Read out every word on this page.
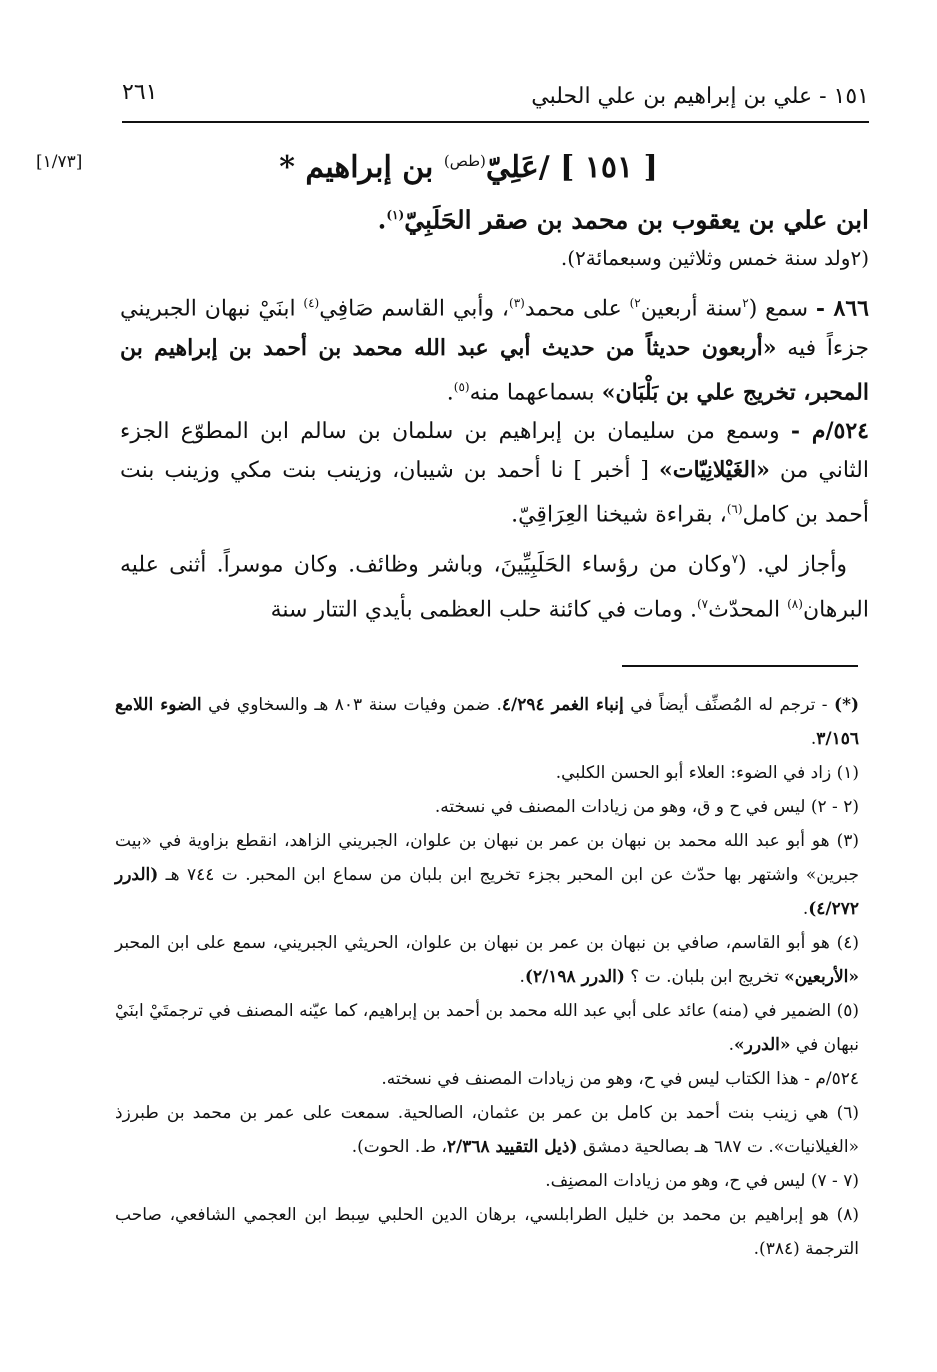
١٥١ - علي بن إبراهيم بن علي الحلبي
٢٦١
[١/٧٣]	[ ١٥١ ] /عَلِيّ$^{(طص)}$ بن إبراهيم *

ابن علي بن يعقوب بن محمد بن صقر الحَلَبِيّ$^{(١)}$.

(٢ولد سنة خمس وثلاثين وسبعمائة٢).

٨٦٦ - سمع ($^٢$سنة أربعين$^{٢)}$ على محمد$^{(٣)}$، وأبي القاسم صَافِي$^{(٤)}$ ابنَيْ نبهان الجبريني جزءاً فيه «أربعون حديثاً من حديث أبي عبد الله محمد بن أحمد بن إبراهيم بن المحبر، تخريج علي بن بَلْبَان» بسماعهما منه$^{(٥)}$.

٥٢٤/م - وسمع من سليمان بن إبراهيم بن سلمان بن سالم ابن المطوّع الجزء الثاني من «الغَيْلانِيّات» [ أخبر ] نا أحمد بن شيبان، وزينب بنت مكي وزينب بنت أحمد بن كامل$^{(٦)}$، بقراءة شيخنا العِرَاقِيّ.

وأجاز لي. ($^٧$وكان من رؤساء الحَلَبِيِّينَ، وباشر وظائف. وكان موسراً. أثنى عليه البرهان$^{(٨)}$ المحدّث$^{٧)}$. ومات في كائنة حلب العظمى بأيدي التتار سنة

(*) - ترجم له المُصنِّف أيضاً في إنباء الغمر ٤/٢٩٤. ضمن وفيات سنة ٨٠٣ هـ والسخاوي في الضوء اللامع ٣/١٥٦.

(١) زاد في الضوء: العلاء أبو الحسن الكلبي.

(٢ - ٢) ليس في ح و ق، وهو من زيادات المصنف في نسخته.

(٣) هو أبو عبد الله محمد بن نبهان بن عمر بن نبهان بن علوان، الجبريني الزاهد، انقطع بزاوية في «بيت جبرين» واشتهر بها حدّث عن ابن المحبر بجزء تخريج ابن بلبان من سماع ابن المحبر. ت ٧٤٤ هـ (الدرر ٤/٢٧٢).

(٤) هو أبو القاسم، صافي بن نبهان بن عمر بن نبهان بن علوان، الحريثي الجبريني، سمع على ابن المحبر «الأربعين» تخريج ابن بلبان. ت ؟ (الدرر ٢/١٩٨).

(٥) الضمير في (منه) عائد على أبي عبد الله محمد بن أحمد بن إبراهيم، كما عيّنه المصنف في ترجمتَيْ ابنَيْ نبهان في «الدرر».

٥٢٤/م - هذا الكتاب ليس في ح، وهو من زيادات المصنف في نسخته.

(٦) هي زينب بنت أحمد بن كامل بن عمر بن عثمان، الصالحية. سمعت على عمر بن محمد بن طبرزذ «الغيلانيات». ت ٦٨٧ هـ بصالحية دمشق (ذيل التقييد ٢/٣٦٨، ط. الحوت).

(٧ - ٧) ليس في ح، وهو من زيادات المصنِف.

(٨) هو إبراهيم بن محمد بن خليل الطرابلسي، برهان الدين الحلبي سِبط ابن العجمي الشافعي، صاحب الترجمة (٣٨٤).
